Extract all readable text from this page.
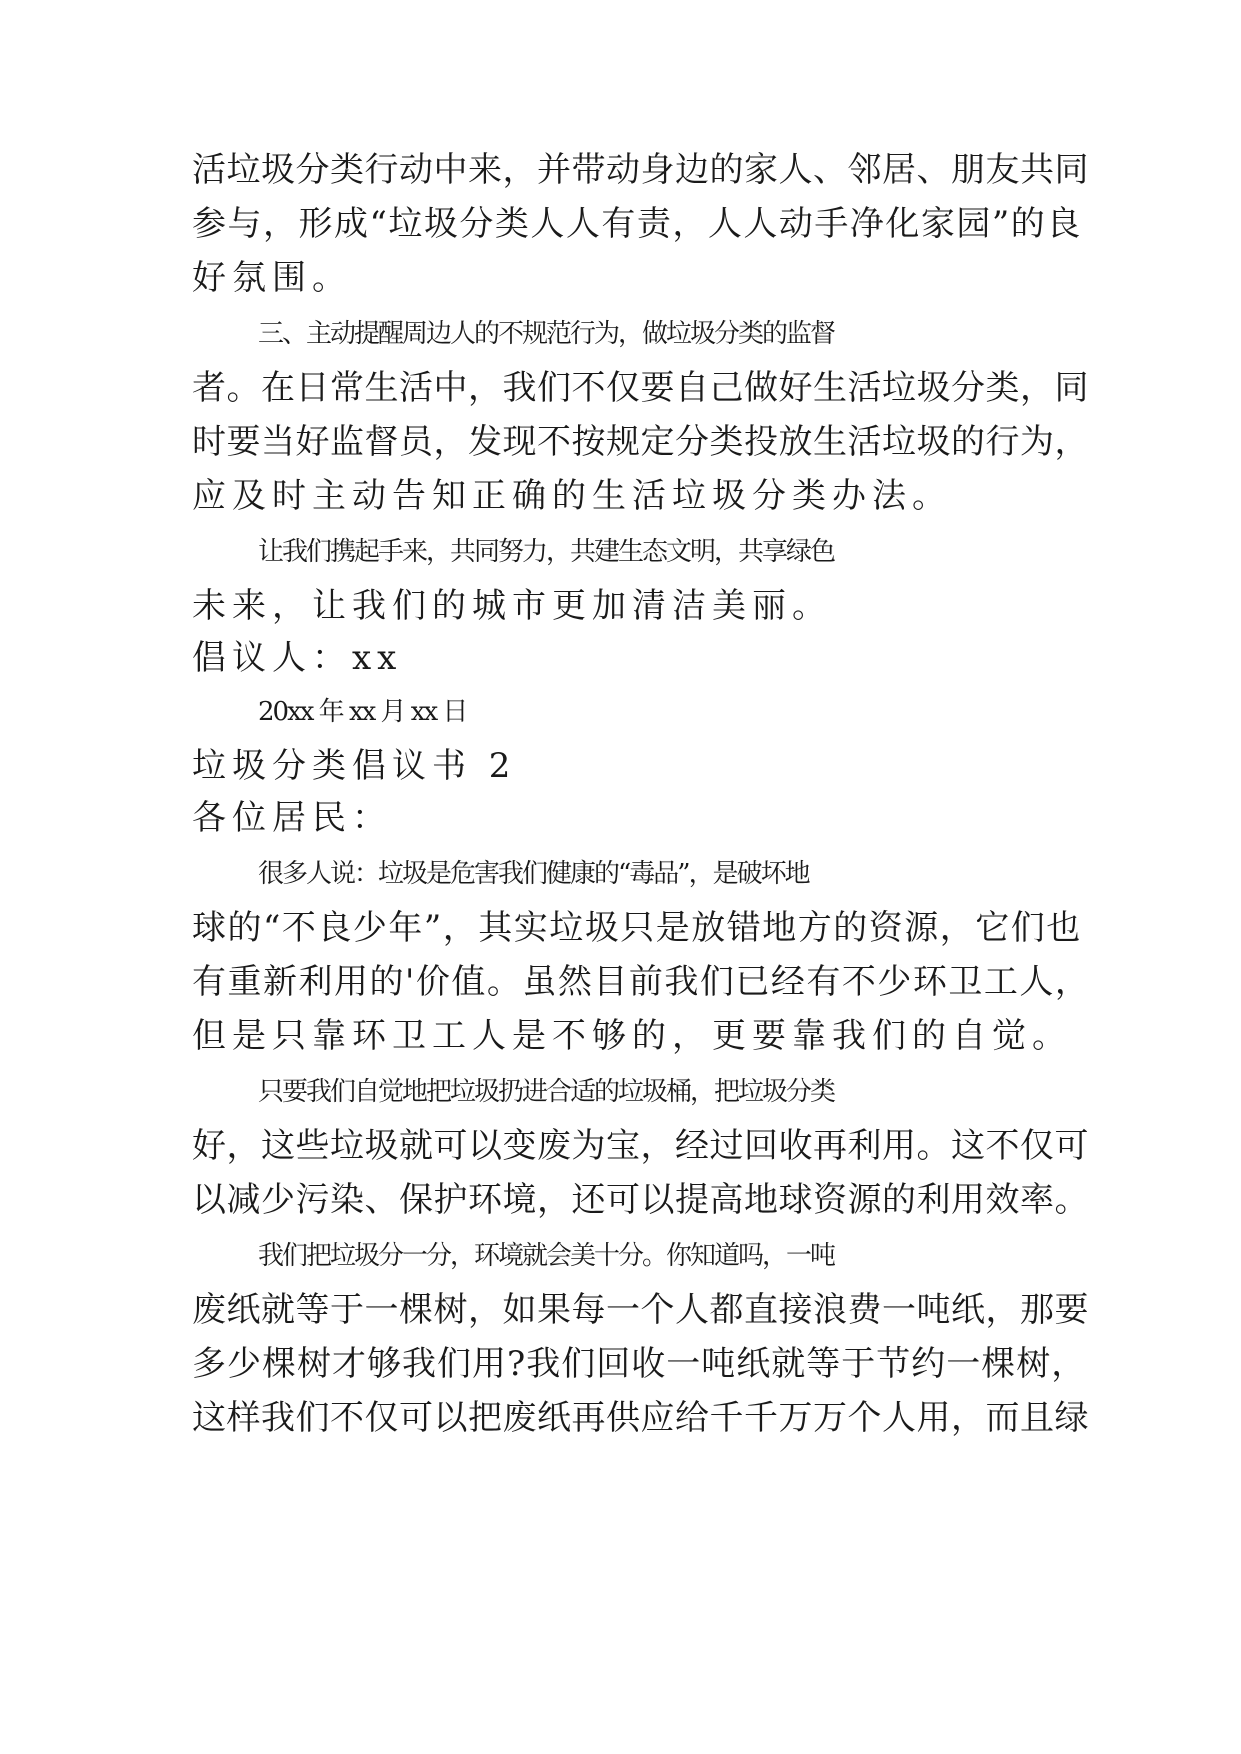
活垃圾分类行动中来，并带动身边的家人、邻居、朋友共同
参与，形成“垃圾分类人人有责，人人动手净化家园”的良
好氛围。
三、主动提醒周边人的不规范行为，做垃圾分类的监督
者。在日常生活中，我们不仅要自己做好生活垃圾分类，同
时要当好监督员，发现不按规定分类投放生活垃圾的行为，
应及时主动告知正确的生活垃圾分类办法。
让我们携起手来，共同努力，共建生态文明，共享绿色
未来，让我们的城市更加清洁美丽。
倡议人：xx
20xx 年 xx 月 xx 日
垃圾分类倡议书 2
各位居民：
很多人说：垃圾是危害我们健康的“毒品”，是破坏地
球的“不良少年”，其实垃圾只是放错地方的资源，它们也
有重新利用的'价值。虽然目前我们已经有不少环卫工人，
但是只靠环卫工人是不够的，更要靠我们的自觉。
只要我们自觉地把垃圾扔进合适的垃圾桶，把垃圾分类
好，这些垃圾就可以变废为宝，经过回收再利用。这不仅可
以减少污染、保护环境，还可以提高地球资源的利用效率。
我们把垃圾分一分，环境就会美十分。你知道吗，一吨
废纸就等于一棵树，如果每一个人都直接浪费一吨纸，那要
多少棵树才够我们用?我们回收一吨纸就等于节约一棵树，
这样我们不仅可以把废纸再供应给千千万万个人用，而且绿
